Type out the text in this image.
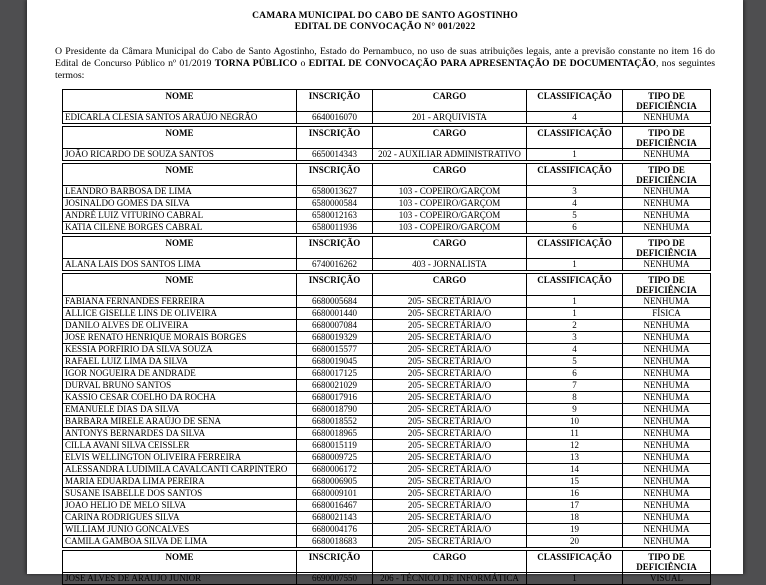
CAMARA MUNICIPAL DO CABO DE SANTO AGOSTINHO
EDITAL DE CONVOCAÇÃO N° 001/2022

O Presidente da Câmara Municipal do Cabo de Santo Agostinho, Estado do Pernambuco, no uso de suas atribuições legais, ante a previsão constante no item 16 do Edital de Concurso Público nº 01/2019 TORNA PÚBLICO o EDITAL DE CONVOCAÇÃO PARA APRESENTAÇÃO DE DOCUMENTAÇÃO, nos seguintes termos:

NOME	INSCRIÇÃO	CARGO	CLASSIFICAÇÃO	TIPO DE DEFICIÊNCIA
EDICARLA CLESIA SANTOS ARAÚJO NEGRÃO	6640016070	201 - ARQUIVISTA	4	NENHUMA
NOME	INSCRIÇÃO	CARGO	CLASSIFICAÇÃO	TIPO DE DEFICIÊNCIA
JOÃO RICARDO DE SOUZA SANTOS	6650014343	202 - AUXILIAR ADMINISTRATIVO	1	NENHUMA
NOME	INSCRIÇÃO	CARGO	CLASSIFICAÇÃO	TIPO DE DEFICIÊNCIA
LEANDRO BARBOSA DE LIMA	6580013627	103 - COPEIRO/GARÇOM	3	NENHUMA
JOSINALDO GOMES DA SILVA	6580000584	103 - COPEIRO/GARÇOM	4	NENHUMA
ANDRÉ LUIZ VITURINO CABRAL	6580012163	103 - COPEIRO/GARÇOM	5	NENHUMA
KATIA CILENE BORGES CABRAL	6580011936	103 - COPEIRO/GARÇOM	6	NENHUMA
NOME	INSCRIÇÃO	CARGO	CLASSIFICAÇÃO	TIPO DE DEFICIÊNCIA
ALANA LAIS DOS SANTOS LIMA	6740016262	403 - JORNALISTA	1	NENHUMA
NOME	INSCRIÇÃO	CARGO	CLASSIFICAÇÃO	TIPO DE DEFICIÊNCIA
FABIANA FERNANDES FERREIRA	6680005684	205- SECRETÁRIA/O	1	NENHUMA
ALLICE GISELLE LINS DE OLIVEIRA	6680001440	205- SECRETÁRIA/O	1	FÍSICA
DANILO ALVES DE OLIVEIRA	6680007084	205- SECRETÁRIA/O	2	NENHUMA
JOSE RENATO HENRIQUE MORAIS BORGES	6680019329	205- SECRETÁRIA/O	3	NENHUMA
KESSIA PORFIRIO DA SILVA SOUZA	6680015577	205- SECRETÁRIA/O	4	NENHUMA
RAFAEL LUIZ LIMA DA SILVA	6680019045	205- SECRETÁRIA/O	5	NENHUMA
IGOR NOGUEIRA DE ANDRADE	6680017125	205- SECRETÁRIA/O	6	NENHUMA
DURVAL BRUNO SANTOS	6680021029	205- SECRETÁRIA/O	7	NENHUMA
KASSIO CESAR COELHO DA ROCHA	6680017916	205- SECRETÁRIA/O	8	NENHUMA
EMANUELE DIAS DA SILVA	6680018790	205- SECRETÁRIA/O	9	NENHUMA
BARBARA MIRELE ARAÚJO DE SENA	6680018552	205- SECRETÁRIA/O	10	NENHUMA
ANTONYS BERNARDES DA SILVA	6680018965	205- SECRETÁRIA/O	11	NENHUMA
CILLA AVANI SILVA CEISSLER	6680015119	205- SECRETÁRIA/O	12	NENHUMA
ELVIS WELLINGTON OLIVEIRA FERREIRA	6680009725	205- SECRETÁRIA/O	13	NENHUMA
ALESSANDRA LUDIMILA CAVALCANTI CARPINTERO	6680006172	205- SECRETÁRIA/O	14	NENHUMA
MARIA EDUARDA LIMA PEREIRA	6680006905	205- SECRETÁRIA/O	15	NENHUMA
SUSANE ISABELLE DOS SANTOS	6680009101	205- SECRETÁRIA/O	16	NENHUMA
JOAO HELIO DE MELO SILVA	6680016467	205- SECRETÁRIA/O	17	NENHUMA
CARINA RODRIGUES SILVA	6680021143	205- SECRETÁRIA/O	18	NENHUMA
WILLIAM JUNIO GONCALVES	6680004176	205- SECRETÁRIA/O	19	NENHUMA
CAMILA GAMBOA SILVA DE LIMA	6680018683	205- SECRETÁRIA/O	20	NENHUMA
NOME	INSCRIÇÃO	CARGO	CLASSIFICAÇÃO	TIPO DE DEFICIÊNCIA
JOSE ALVES DE ARAUJO JUNIOR	6690007550	206 - TÉCNICO DE INFORMÁTICA	1	VISUAL
